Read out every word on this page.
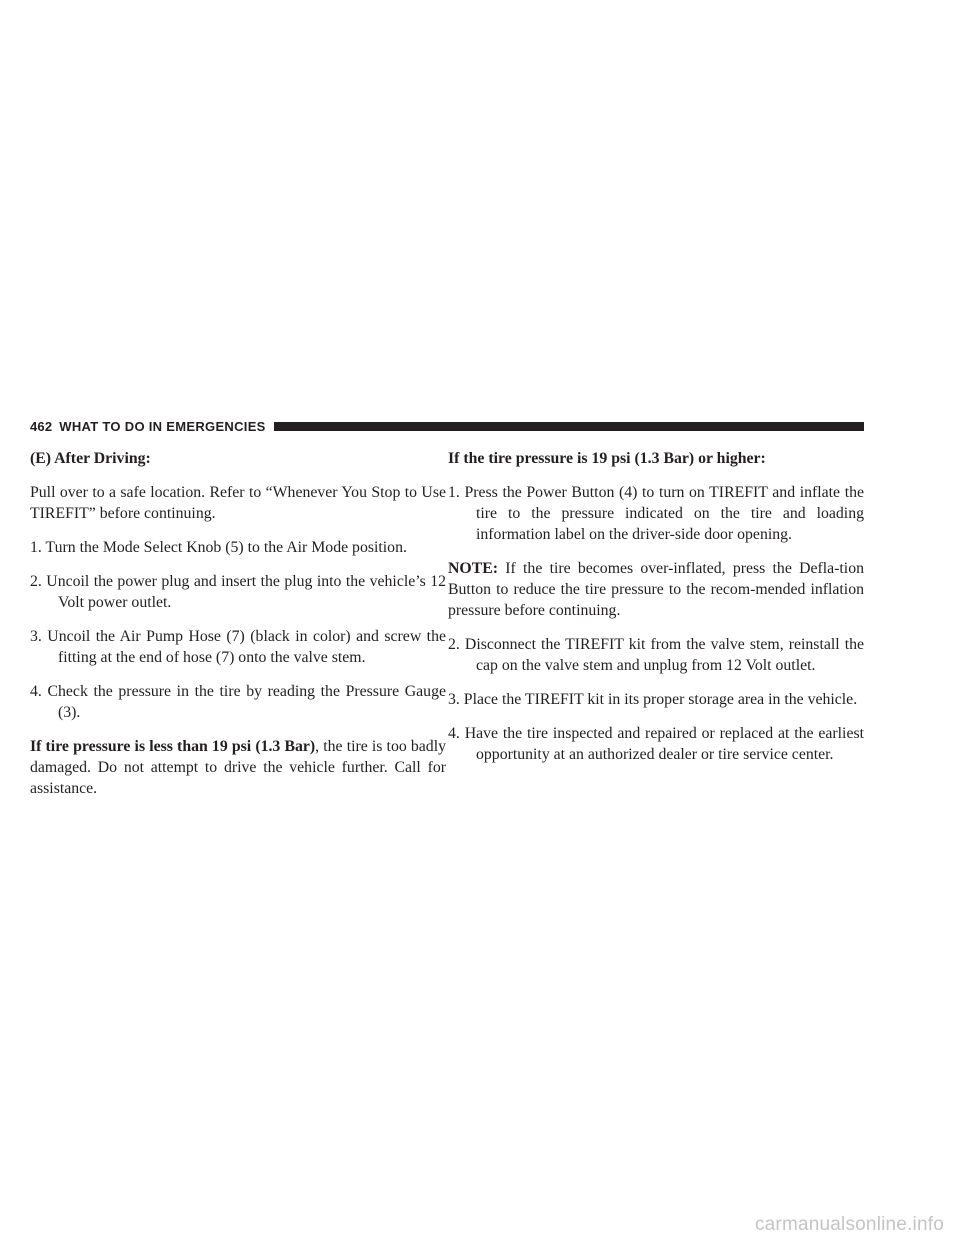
462 WHAT TO DO IN EMERGENCIES

(E) After Driving:

Pull over to a safe location. Refer to “Whenever You Stop to Use TIREFIT” before continuing.

1. Turn the Mode Select Knob (5) to the Air Mode position.

2. Uncoil the power plug and insert the plug into the vehicle’s 12 Volt power outlet.

3. Uncoil the Air Pump Hose (7) (black in color) and screw the fitting at the end of hose (7) onto the valve stem.

4. Check the pressure in the tire by reading the Pressure Gauge (3).

If tire pressure is less than 19 psi (1.3 Bar), the tire is too badly damaged. Do not attempt to drive the vehicle further. Call for assistance.

If the tire pressure is 19 psi (1.3 Bar) or higher:

1. Press the Power Button (4) to turn on TIREFIT and inflate the tire to the pressure indicated on the tire and loading information label on the driver-side door opening.

NOTE: If the tire becomes over-inflated, press the Defla-tion Button to reduce the tire pressure to the recom-mended inflation pressure before continuing.

2. Disconnect the TIREFIT kit from the valve stem, reinstall the cap on the valve stem and unplug from 12 Volt outlet.

3. Place the TIREFIT kit in its proper storage area in the vehicle.

4. Have the tire inspected and repaired or replaced at the earliest opportunity at an authorized dealer or tire service center.

carmanualsonline.info
